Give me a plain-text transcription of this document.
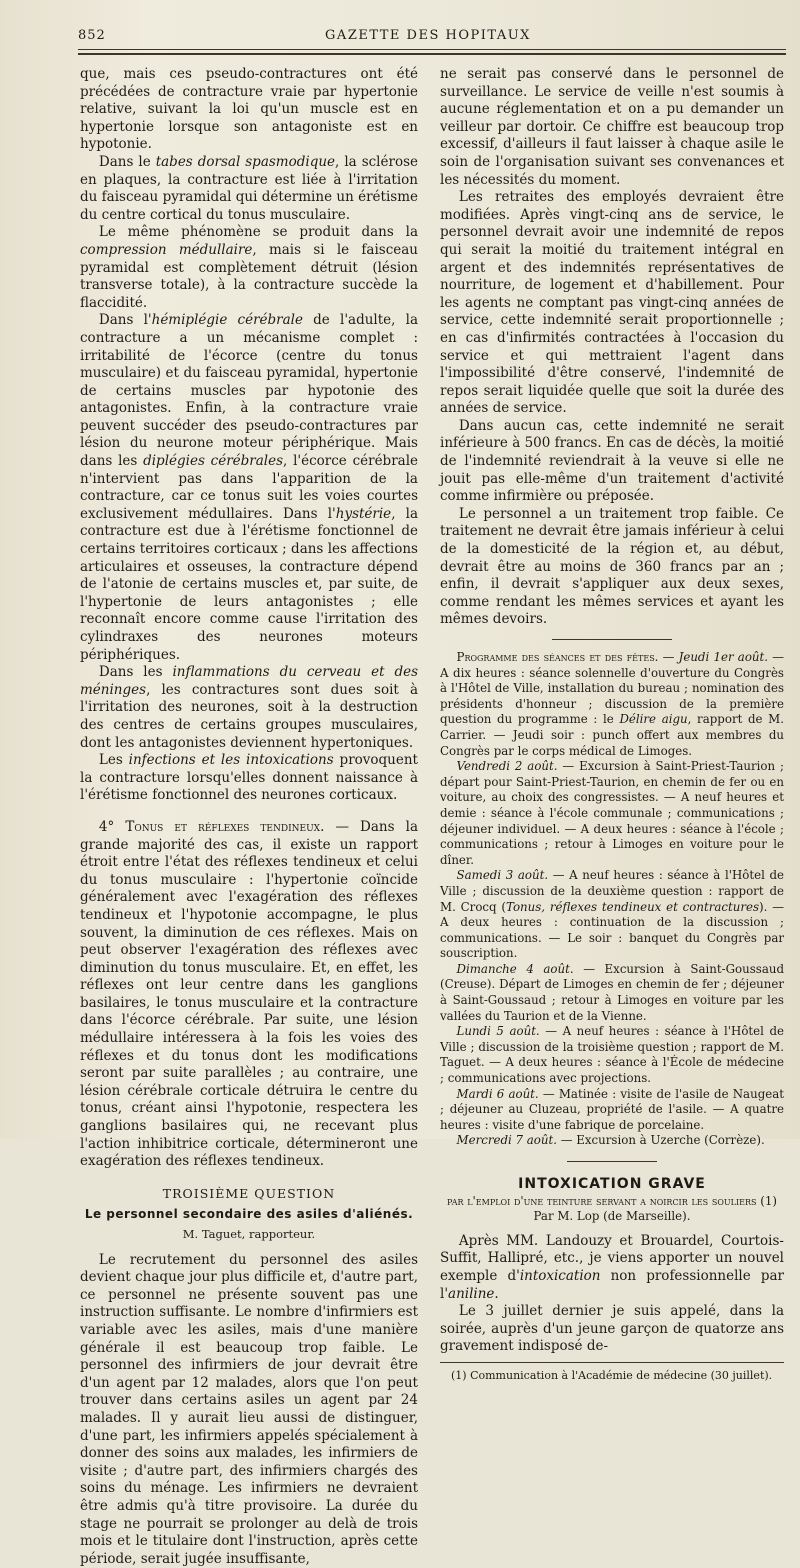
852	GAZETTE DES HOPITAUX

que, mais ces pseudo-contractures ont été précédées de contracture vraie par hypertonie relative, suivant la loi qu'un muscle est en hypertonie lorsque son antagoniste est en hypotonie.

Dans le tabes dorsal spasmodique, la sclérose en plaques, la contracture est liée à l'irritation du faisceau pyramidal qui détermine un érétisme du centre cortical du tonus musculaire.

Le même phénomène se produit dans la compression médullaire, mais si le faisceau pyramidal est complètement détruit (lésion transverse totale), à la contracture succède la flaccidité.

Dans l'hémiplégie cérébrale de l'adulte, la contracture a un mécanisme complet : irritabilité de l'écorce (centre du tonus musculaire) et du faisceau pyramidal, hypertonie de certains muscles par hypotonie des antagonistes. Enfin, à la contracture vraie peuvent succéder des pseudo-contractures par lésion du neurone moteur périphérique. Mais dans les diplégies cérébrales, l'écorce cérébrale n'intervient pas dans l'apparition de la contracture, car ce tonus suit les voies courtes exclusivement médullaires. Dans l'hystérie, la contracture est due à l'érétisme fonctionnel de certains territoires corticaux ; dans les affections articulaires et osseuses, la contracture dépend de l'atonie de certains muscles et, par suite, de l'hypertonie de leurs antagonistes ; elle reconnaît encore comme cause l'irritation des cylindraxes des neurones moteurs périphériques.

Dans les inflammations du cerveau et des méninges, les contractures sont dues soit à l'irritation des neurones, soit à la destruction des centres de certains groupes musculaires, dont les antagonistes deviennent hypertoniques.

Les infections et les intoxications provoquent la contracture lorsqu'elles donnent naissance à l'érétisme fonctionnel des neurones corticaux.

4° Tonus et réflexes tendineux. — Dans la grande majorité des cas, il existe un rapport étroit entre l'état des réflexes tendineux et celui du tonus musculaire : l'hypertonie coïncide généralement avec l'exagération des réflexes tendineux et l'hypotonie accompagne, le plus souvent, la diminution de ces réflexes. Mais on peut observer l'exagération des réflexes avec diminution du tonus musculaire. Et, en effet, les réflexes ont leur centre dans les ganglions basilaires, le tonus musculaire et la contracture dans l'écorce cérébrale. Par suite, une lésion médullaire intéressera à la fois les voies des réflexes et du tonus dont les modifications seront par suite parallèles ; au contraire, une lésion cérébrale corticale détruira le centre du tonus, créant ainsi l'hypotonie, respectera les ganglions basilaires qui, ne recevant plus l'action inhibitrice corticale, détermineront une exagération des réflexes tendineux.

TROISIÈME QUESTION

Le personnel secondaire des asiles d'aliénés.

M. Taguet, rapporteur.

Le recrutement du personnel des asiles devient chaque jour plus difficile et, d'autre part, ce personnel ne présente souvent pas une instruction suffisante. Le nombre d'infirmiers est variable avec les asiles, mais d'une manière générale il est beaucoup trop faible. Le personnel des infirmiers de jour devrait être d'un agent par 12 malades, alors que l'on peut trouver dans certains asiles un agent par 24 malades. Il y aurait lieu aussi de distinguer, d'une part, les infirmiers appelés spécialement à donner des soins aux malades, les infirmiers de visite ; d'autre part, des infirmiers chargés des soins du ménage. Les infirmiers ne devraient être admis qu'à titre provisoire. La durée du stage ne pourrait se prolonger au delà de trois mois et le titulaire dont l'instruction, après cette période, serait jugée insuffisante,

ne serait pas conservé dans le personnel de surveillance. Le service de veille n'est soumis à aucune réglementation et on a pu demander un veilleur par dortoir. Ce chiffre est beaucoup trop excessif, d'ailleurs il faut laisser à chaque asile le soin de l'organisation suivant ses convenances et les nécessités du moment.

Les retraites des employés devraient être modifiées. Après vingt-cinq ans de service, le personnel devrait avoir une indemnité de repos qui serait la moitié du traitement intégral en argent et des indemnités représentatives de nourriture, de logement et d'habillement. Pour les agents ne comptant pas vingt-cinq années de service, cette indemnité serait proportionnelle ; en cas d'infirmités contractées à l'occasion du service et qui mettraient l'agent dans l'impossibilité d'être conservé, l'indemnité de repos serait liquidée quelle que soit la durée des années de service.

Dans aucun cas, cette indemnité ne serait inférieure à 500 francs. En cas de décès, la moitié de l'indemnité reviendrait à la veuve si elle ne jouit pas elle-même d'un traitement d'activité comme infirmière ou préposée.

Le personnel a un traitement trop faible. Ce traitement ne devrait être jamais inférieur à celui de la domesticité de la région et, au début, devrait être au moins de 360 francs par an ; enfin, il devrait s'appliquer aux deux sexes, comme rendant les mêmes services et ayant les mêmes devoirs.

Programme des séances et des fêtes. — Jeudi 1er août. — A dix heures : séance solennelle d'ouverture du Congrès à l'Hôtel de Ville, installation du bureau ; nomination des présidents d'honneur ; discussion de la première question du programme : le Délire aigu, rapport de M. Carrier. — Jeudi soir : punch offert aux membres du Congrès par le corps médical de Limoges.

Vendredi 2 août. — Excursion à Saint-Priest-Taurion ; départ pour Saint-Priest-Taurion, en chemin de fer ou en voiture, au choix des congressistes. — A neuf heures et demie : séance à l'école communale ; communications ; déjeuner individuel. — A deux heures : séance à l'école ; communications ; retour à Limoges en voiture pour le dîner.

Samedi 3 août. — A neuf heures : séance à l'Hôtel de Ville ; discussion de la deuxième question : rapport de M. Crocq (Tonus, réflexes tendineux et contractures). — A deux heures : continuation de la discussion ; communications. — Le soir : banquet du Congrès par souscription.

Dimanche 4 août. — Excursion à Saint-Goussaud (Creuse). Départ de Limoges en chemin de fer ; déjeuner à Saint-Goussaud ; retour à Limoges en voiture par les vallées du Taurion et de la Vienne.

Lundi 5 août. — A neuf heures : séance à l'Hôtel de Ville ; discussion de la troisième question ; rapport de M. Taguet. — A deux heures : séance à l'École de médecine ; communications avec projections.

Mardi 6 août. — Matinée : visite de l'asile de Naugeat ; déjeuner au Cluzeau, propriété de l'asile. — A quatre heures : visite d'une fabrique de porcelaine.

Mercredi 7 août. — Excursion à Uzerche (Corrèze).

INTOXICATION GRAVE

par l'emploi d'une teinture servant a noircir les souliers (1)

Par M. Lop (de Marseille).

Après MM. Landouzy et Brouardel, Courtois-Suffit, Hallipré, etc., je viens apporter un nouvel exemple d'intoxication non professionnelle par l'aniline.

Le 3 juillet dernier je suis appelé, dans la soirée, auprès d'un jeune garçon de quatorze ans gravement indisposé de-

(1) Communication à l'Académie de médecine (30 juillet).
